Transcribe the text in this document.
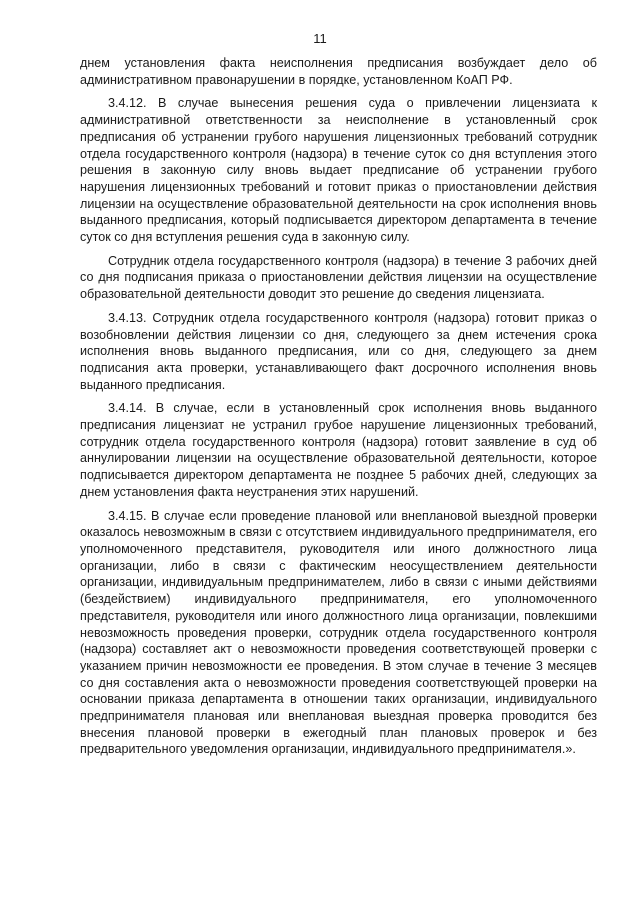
11

днем установления факта неисполнения предписания возбуждает дело об административном правонарушении в порядке, установленном КоАП РФ.

3.4.12. В случае вынесения решения суда о привлечении лицензиата к административной ответственности за неисполнение в установленный срок предписания об устранении грубого нарушения лицензионных требований сотрудник отдела государственного контроля (надзора) в течение суток со дня вступления этого решения в законную силу вновь выдает предписание об устранении грубого нарушения лицензионных требований и готовит приказ о приостановлении действия лицензии на осуществление образовательной деятельности на срок исполнения вновь выданного предписания, который подписывается директором департамента в течение суток со дня вступления решения суда в законную силу.

Сотрудник отдела государственного контроля (надзора) в течение 3 рабочих дней со дня подписания приказа о приостановлении действия лицензии на осуществление образовательной деятельности доводит это решение до сведения лицензиата.

3.4.13. Сотрудник отдела государственного контроля (надзора) готовит приказ о возобновлении действия лицензии со дня, следующего за днем истечения срока исполнения вновь выданного предписания, или со дня, следующего за днем подписания акта проверки, устанавливающего факт досрочного исполнения вновь выданного предписания.

3.4.14. В случае, если в установленный срок исполнения вновь выданного предписания лицензиат не устранил грубое нарушение лицензионных требований, сотрудник отдела государственного контроля (надзора) готовит заявление в суд об аннулировании лицензии на осуществление образовательной деятельности, которое подписывается директором департамента не позднее 5 рабочих дней, следующих за днем установления факта неустранения этих нарушений.

3.4.15. В случае если проведение плановой или внеплановой выездной проверки оказалось невозможным в связи с отсутствием индивидуального предпринимателя, его уполномоченного представителя, руководителя или иного должностного лица организации, либо в связи с фактическим неосуществлением деятельности организации, индивидуальным предпринимателем, либо в связи с иными действиями (бездействием) индивидуального предпринимателя, его уполномоченного представителя, руководителя или иного должностного лица организации, повлекшими невозможность проведения проверки, сотрудник отдела государственного контроля (надзора) составляет акт о невозможности проведения соответствующей проверки с указанием причин невозможности ее проведения. В этом случае в течение 3 месяцев со дня составления акта о невозможности проведения соответствующей проверки на основании приказа департамента в отношении таких организации, индивидуального предпринимателя плановая или внеплановая выездная проверка проводится без внесения плановой проверки в ежегодный план плановых проверок и без предварительного уведомления организации, индивидуального предпринимателя.».
